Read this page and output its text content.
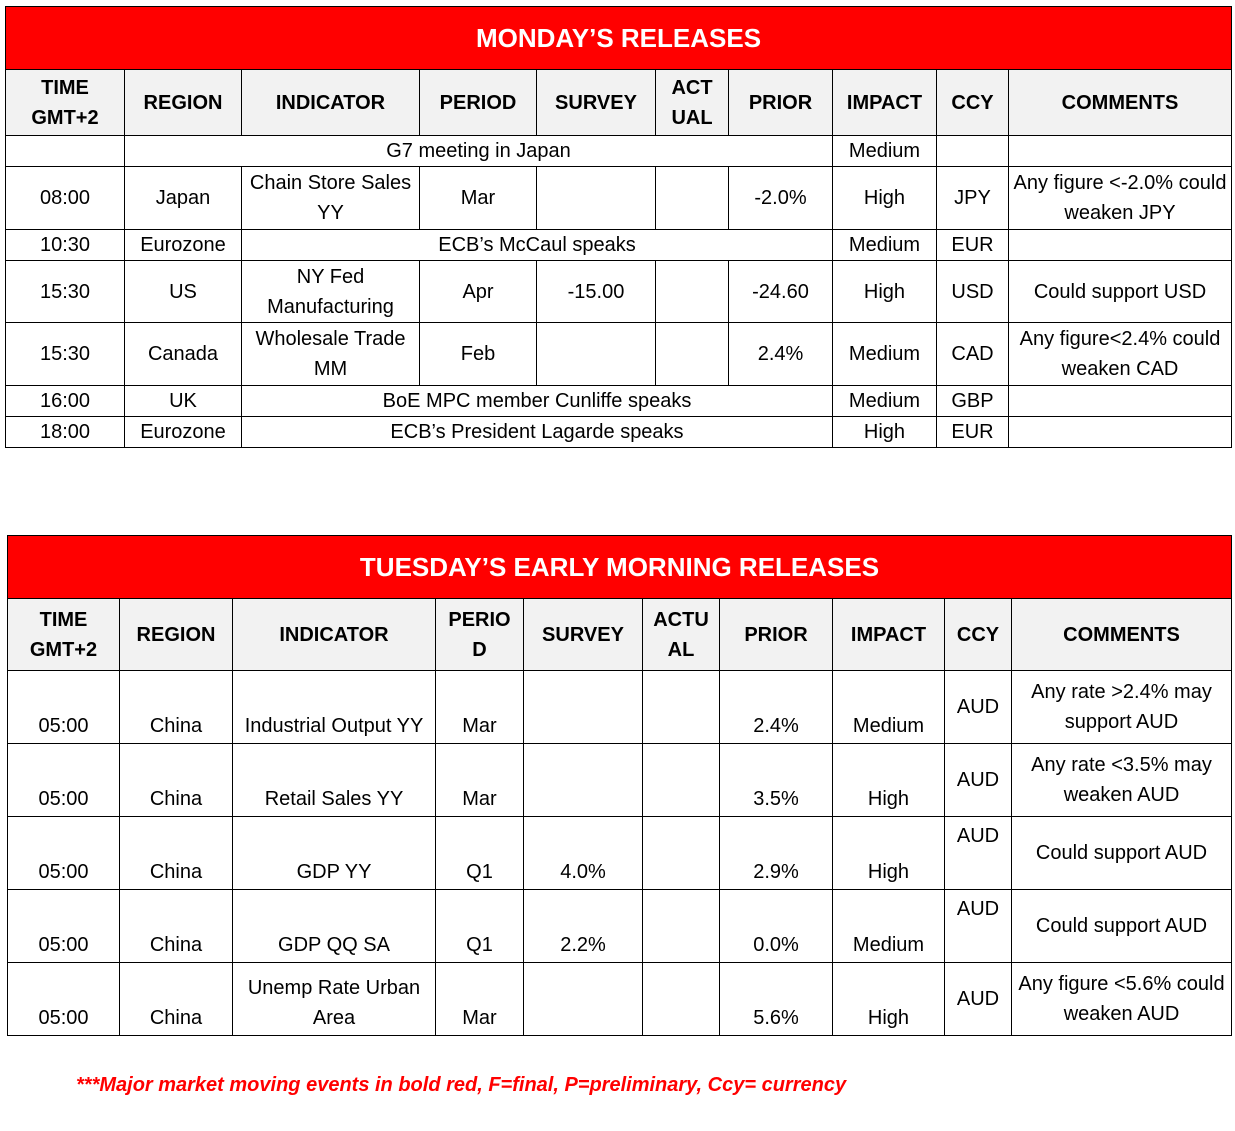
MONDAY’S RELEASES									
TIME GMT+2	REGION	INDICATOR	PERIOD	SURVEY	ACT UAL	PRIOR	IMPACT	CCY	COMMENTS
	G7 meeting in Japan						Medium		
08:00	Japan	Chain Store Sales YY	Mar			-2.0%	High	JPY	Any figure <-2.0% could weaken JPY
10:30	Eurozone	ECB’s McCaul speaks					Medium	EUR	
15:30	US	NY Fed Manufacturing	Apr	-15.00		-24.60	High	USD	Could support USD
15:30	Canada	Wholesale Trade MM	Feb			2.4%	Medium	CAD	Any figure<2.4% could weaken CAD
16:00	UK	BoE MPC member Cunliffe speaks					Medium	GBP	
18:00	Eurozone	ECB’s President Lagarde speaks					High	EUR	
TUESDAY’S EARLY MORNING RELEASES									
TIME GMT+2	REGION	INDICATOR	PERIO D	SURVEY	ACTU AL	PRIOR	IMPACT	CCY	COMMENTS
05:00	China	Industrial Output YY	Mar			2.4%	Medium	AUD	Any rate >2.4% may support AUD
05:00	China	Retail Sales YY	Mar			3.5%	High	AUD	Any rate <3.5% may weaken AUD
05:00	China	GDP YY	Q1	4.0%		2.9%	High	AUD	Could support AUD
05:00	China	GDP QQ SA	Q1	2.2%		0.0%	Medium	AUD	Could support AUD
05:00	China	Unemp Rate Urban Area	Mar			5.6%	High	AUD	Any figure <5.6% could weaken AUD
***Major market moving events in bold red, F=final, P=preliminary, Ccy= currency
